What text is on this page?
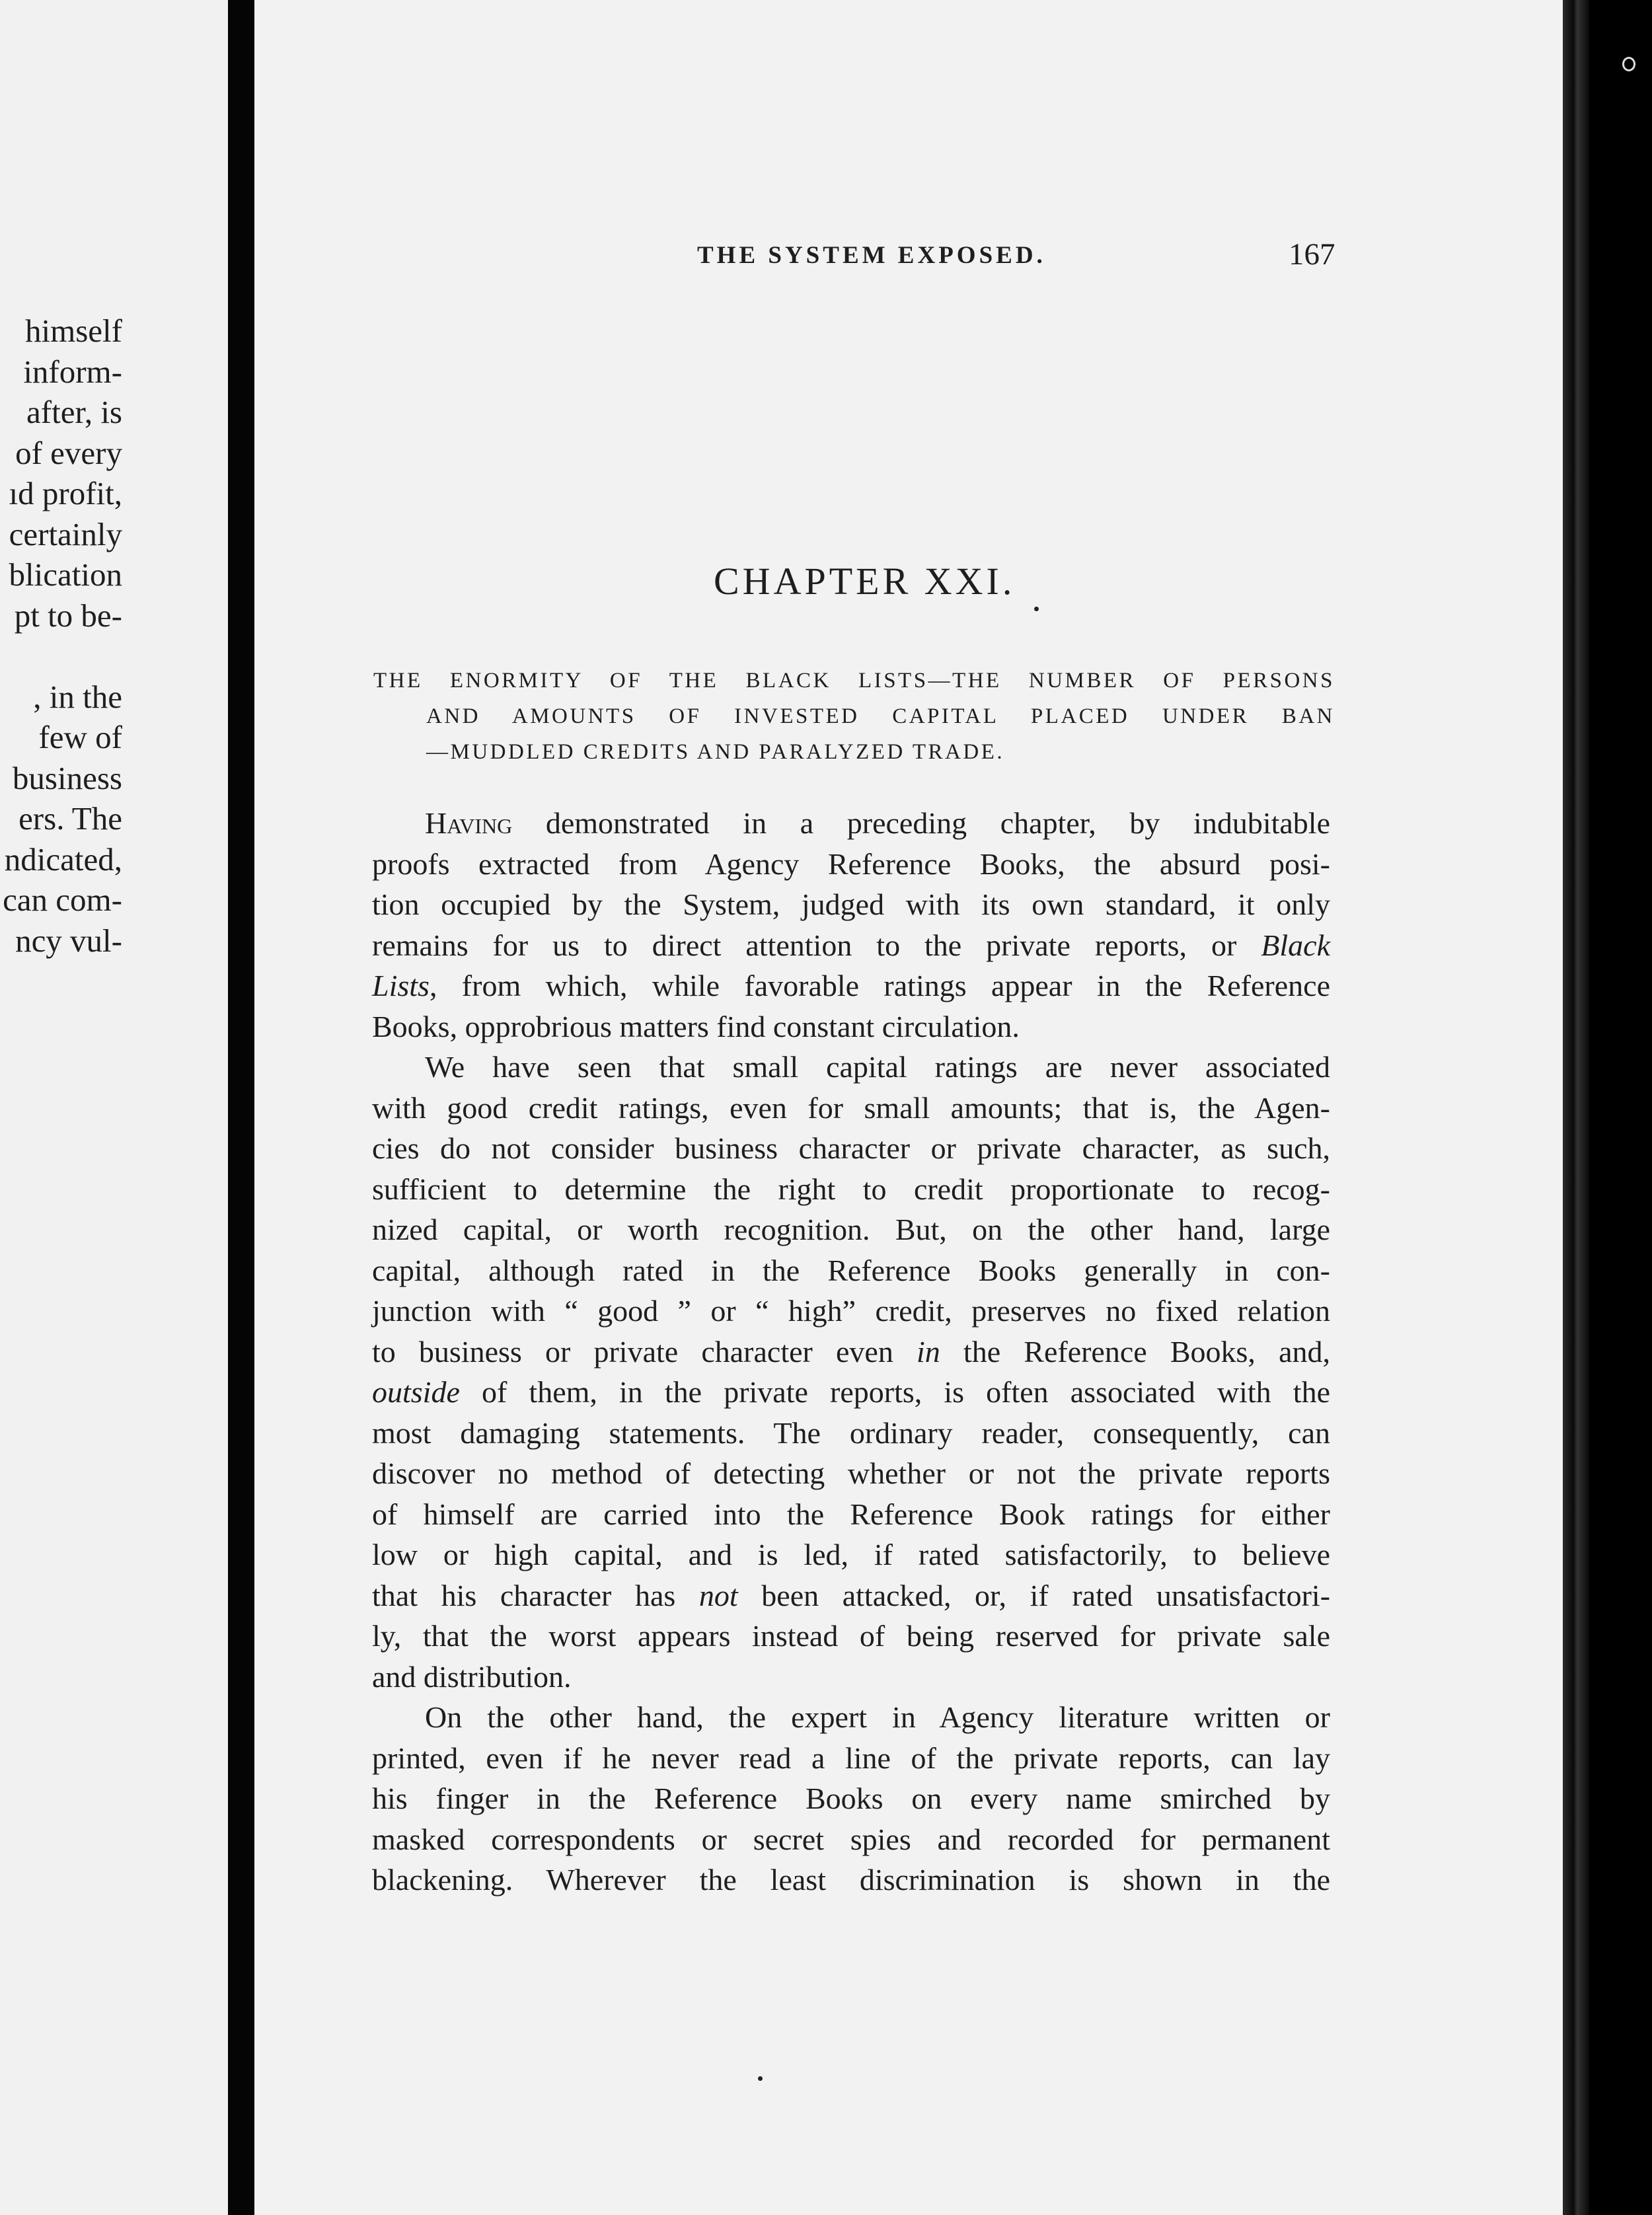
himself
inform-
after, is
of every
ıd profit,
certainly
blication
pt to be-

, in the
few of
business
ers. The
ndicated,
can com-
ncy vul-
THE SYSTEM EXPOSED.	167
CHAPTER XXI.
THE ENORMITY OF THE BLACK LISTS—THE NUMBER OF PERSONS
AND AMOUNTS OF INVESTED CAPITAL PLACED UNDER BAN
—MUDDLED CREDITS AND PARALYZED TRADE.
Having demonstrated in a preceding chapter, by indubitable
proofs extracted from Agency Reference Books, the absurd posi-
tion occupied by the System, judged with its own standard, it only
remains for us to direct attention to the private reports, or Black
Lists, from which, while favorable ratings appear in the Reference
Books, opprobrious matters find constant circulation.
We have seen that small capital ratings are never associated
with good credit ratings, even for small amounts; that is, the Agen-
cies do not consider business character or private character, as such,
sufficient to determine the right to credit proportionate to recog-
nized capital, or worth recognition. But, on the other hand, large
capital, although rated in the Reference Books generally in con-
junction with “ good ” or “ high” credit, preserves no fixed relation
to business or private character even in the Reference Books, and,
outside of them, in the private reports, is often associated with the
most damaging statements. The ordinary reader, consequently, can
discover no method of detecting whether or not the private reports
of himself are carried into the Reference Book ratings for either
low or high capital, and is led, if rated satisfactorily, to believe
that his character has not been attacked, or, if rated unsatisfactori-
ly, that the worst appears instead of being reserved for private sale
and distribution.
On the other hand, the expert in Agency literature written or
printed, even if he never read a line of the private reports, can lay
his finger in the Reference Books on every name smirched by
masked correspondents or secret spies and recorded for permanent
blackening. Wherever the least discrimination is shown in the
